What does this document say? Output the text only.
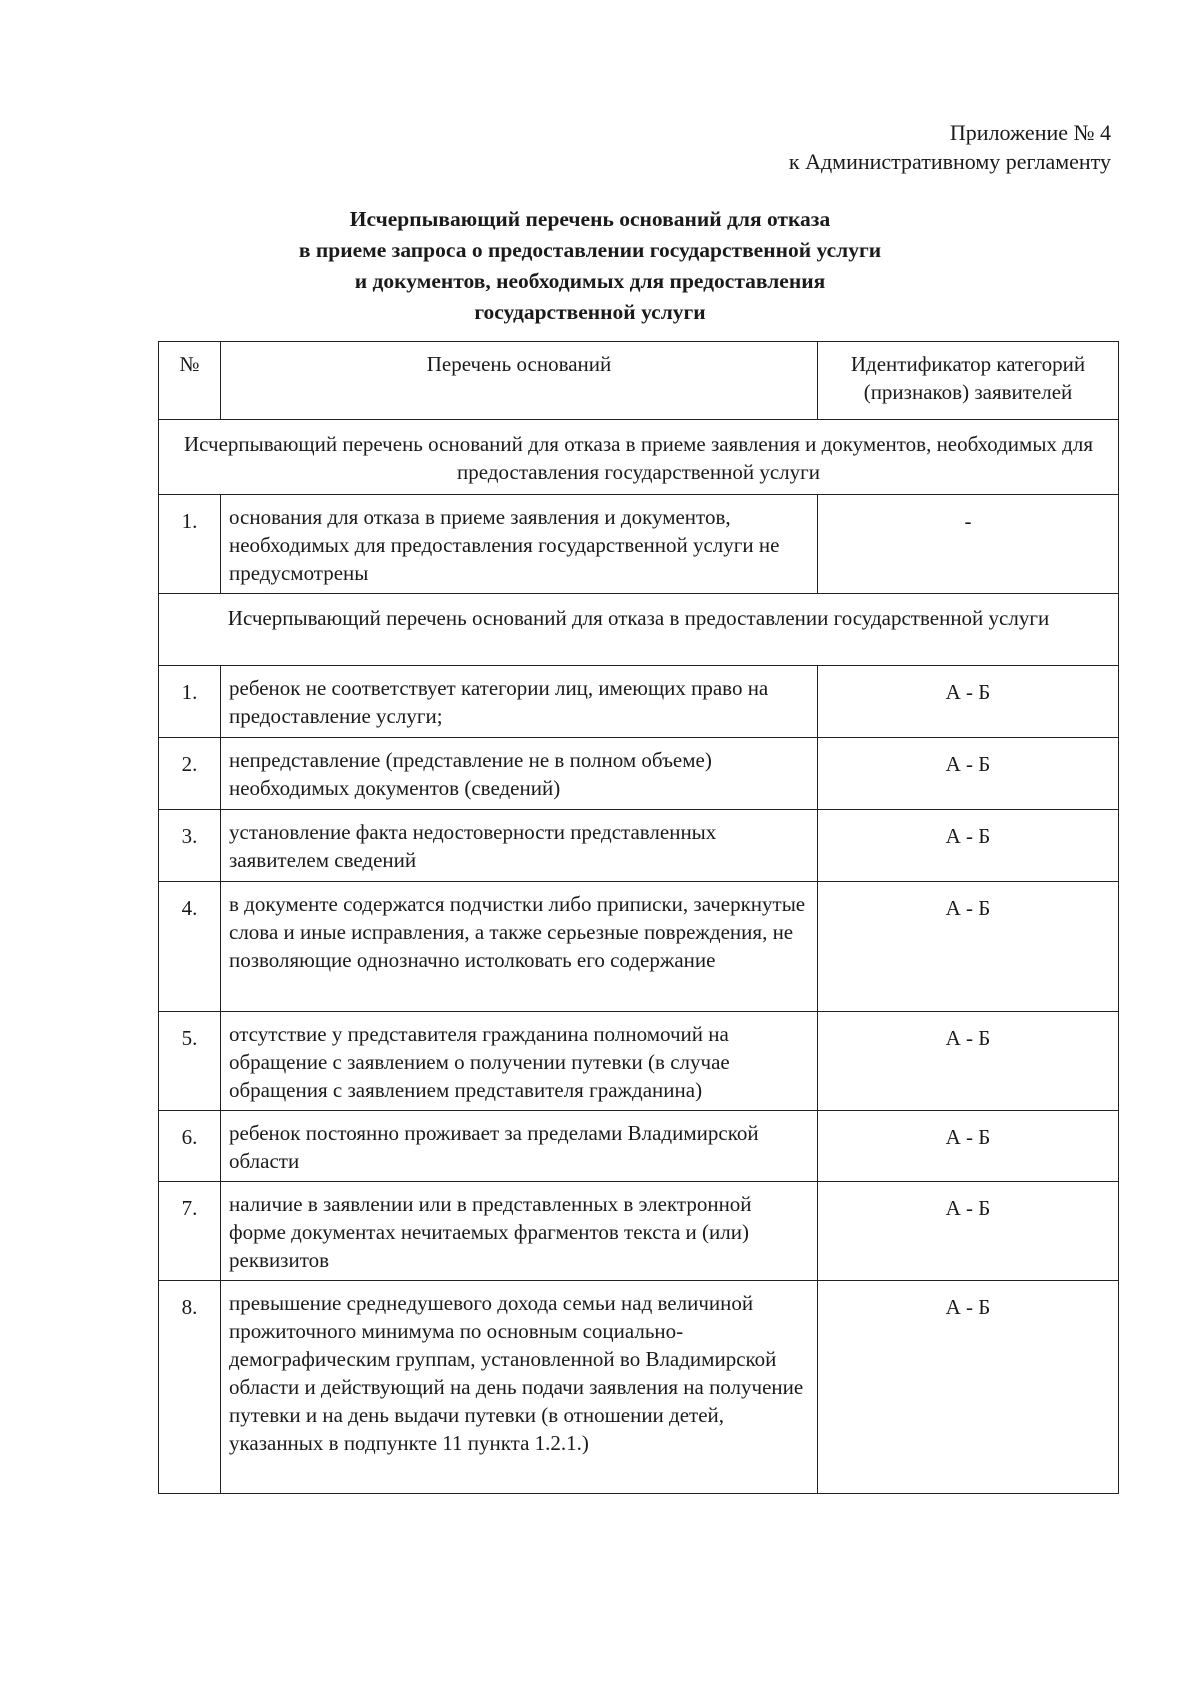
Приложение № 4
к Административному регламенту
Исчерпывающий перечень оснований для отказа
в приеме запроса о предоставлении государственной услуги
и документов, необходимых для предоставления
государственной услуги
№	Перечень оснований	Идентификатор категорий (признаков) заявителей
Исчерпывающий перечень оснований для отказа в приеме заявления и документов, необходимых для предоставления государственной услуги		
1.	основания для отказа в приеме заявления и документов, необходимых для предоставления государственной услуги не предусмотрены	-
Исчерпывающий перечень оснований для отказа в предоставлении государственной услуги		
1.	ребенок не соответствует категории лиц, имеющих право на предоставление услуги;	А - Б
2.	непредставление (представление не в полном объеме) необходимых документов (сведений)	А - Б
3.	установление факта недостоверности представленных заявителем сведений	А - Б
4.	в документе содержатся подчистки либо приписки, зачеркнутые слова и иные исправления, а также серьезные повреждения, не позволяющие однозначно истолковать его содержание	А - Б
5.	отсутствие у представителя гражданина полномочий на обращение с заявлением о получении путевки (в случае обращения с заявлением представителя гражданина)	А - Б
6.	ребенок постоянно проживает за пределами Владимирской области	А - Б
7.	наличие в заявлении или в представленных в электронной форме документах нечитаемых фрагментов текста и (или) реквизитов	А - Б
8.	превышение среднедушевого дохода семьи над величиной прожиточного минимума по основным социально-демографическим группам, установленной во Владимирской области и действующий на день подачи заявления на получение путевки и на день выдачи путевки (в отношении детей, указанных в подпункте 11 пункта 1.2.1.)	А - Б
